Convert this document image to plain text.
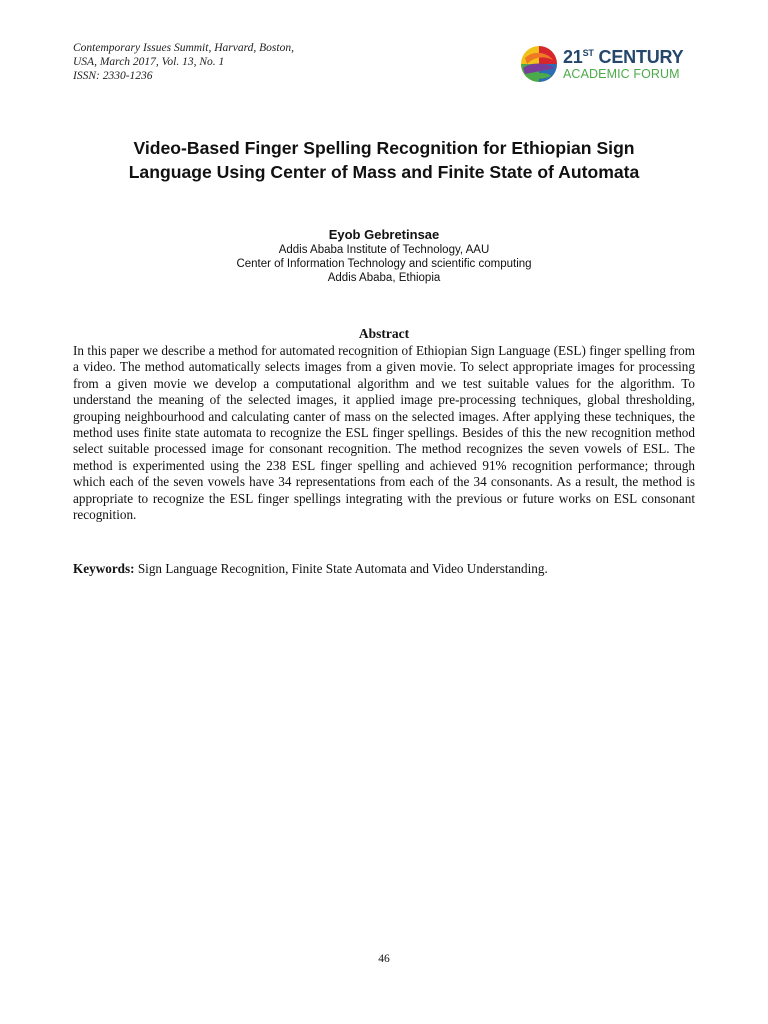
Contemporary Issues Summit, Harvard, Boston,
USA, March 2017, Vol. 13, No. 1
ISSN: 2330-1236
21ST CENTURY
ACADEMIC FORUM
Video-Based Finger Spelling Recognition for Ethiopian Sign
Language Using Center of Mass and Finite State of Automata
Eyob Gebretinsae
Addis Ababa Institute of Technology, AAU
Center of Information Technology and scientific computing
Addis Ababa, Ethiopia
Abstract
In this paper we describe a method for automated recognition of Ethiopian Sign Language (ESL) finger spelling from a video. The method automatically selects images from a given movie. To select appropriate images for processing from a given movie we develop a computational algorithm and we test suitable values for the algorithm. To understand the meaning of the selected images, it applied image pre-processing techniques, global thresholding, grouping neighbourhood and calculating canter of mass on the selected images. After applying these techniques, the method uses finite state automata to recognize the ESL finger spellings. Besides of this the new recognition method select suitable processed image for consonant recognition. The method recognizes the seven vowels of ESL. The method is experimented using the 238 ESL finger spelling and achieved 91% recognition performance; through which each of the seven vowels have 34 representations from each of the 34 consonants. As a result, the method is appropriate to recognize the ESL finger spellings integrating with the previous or future works on ESL consonant recognition.
Keywords: Sign Language Recognition, Finite State Automata and Video Understanding.
46
